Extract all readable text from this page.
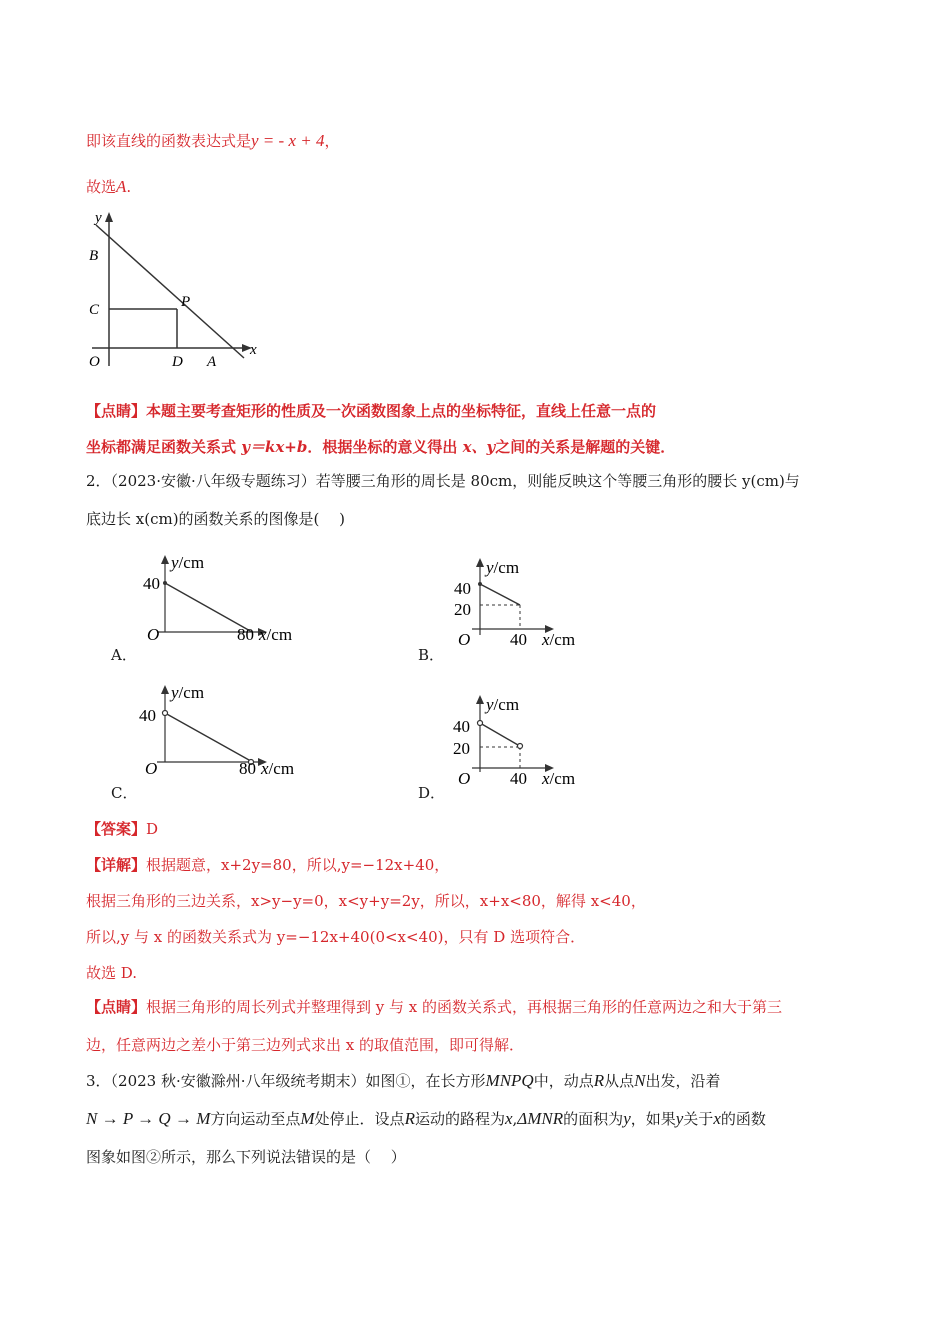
即该直线的函数表达式是y = - x + 4，
故选A.
y
B
C	P
O	D A
x
【点睛】本题主要考查矩形的性质及一次函数图象上点的坐标特征，直线上任意一点的
坐标都满足函数关系式 y＝kx+b．根据坐标的意义得出 x、y之间的关系是解题的关键．
2．（2023·安徽·八年级专题练习）若等腰三角形的周长是 80cm，则能反映这个等腰三角形的腰长 y(cm)与
底边长 x(cm)的函数关系的图像是(　 )
y/cm
40
O	80 x/cm
A．
y/cm
40
20
O 40 x/cm
B．
y/cm
40
O	80 x/cm
C．
y/cm
40
20
O 40 x/cm
D．
【答案】D
【详解】根据题意，x+2y=80，所以,y=−12x+40，
根据三角形的三边关系，x>y−y=0，x<y+y=2y，所以，x+x<80，解得 x<40，
所以,y 与 x 的函数关系式为 y=−12x+40(0<x<40)，只有 D 选项符合．
故选 D.
【点睛】根据三角形的周长列式并整理得到 y 与 x 的函数关系式，再根据三角形的任意两边之和大于第三
边，任意两边之差小于第三边列式求出 x 的取值范围，即可得解．
3．（2023 秋·安徽滁州·八年级统考期末）如图①，在长方形MNPQ中，动点R从点N出发，沿着
N → P → Q → M方向运动至点M处停止．设点R运动的路程为x,ΔMNR的面积为y，如果y关于x的函数
图象如图②所示，那么下列说法错误的是（　 ）
